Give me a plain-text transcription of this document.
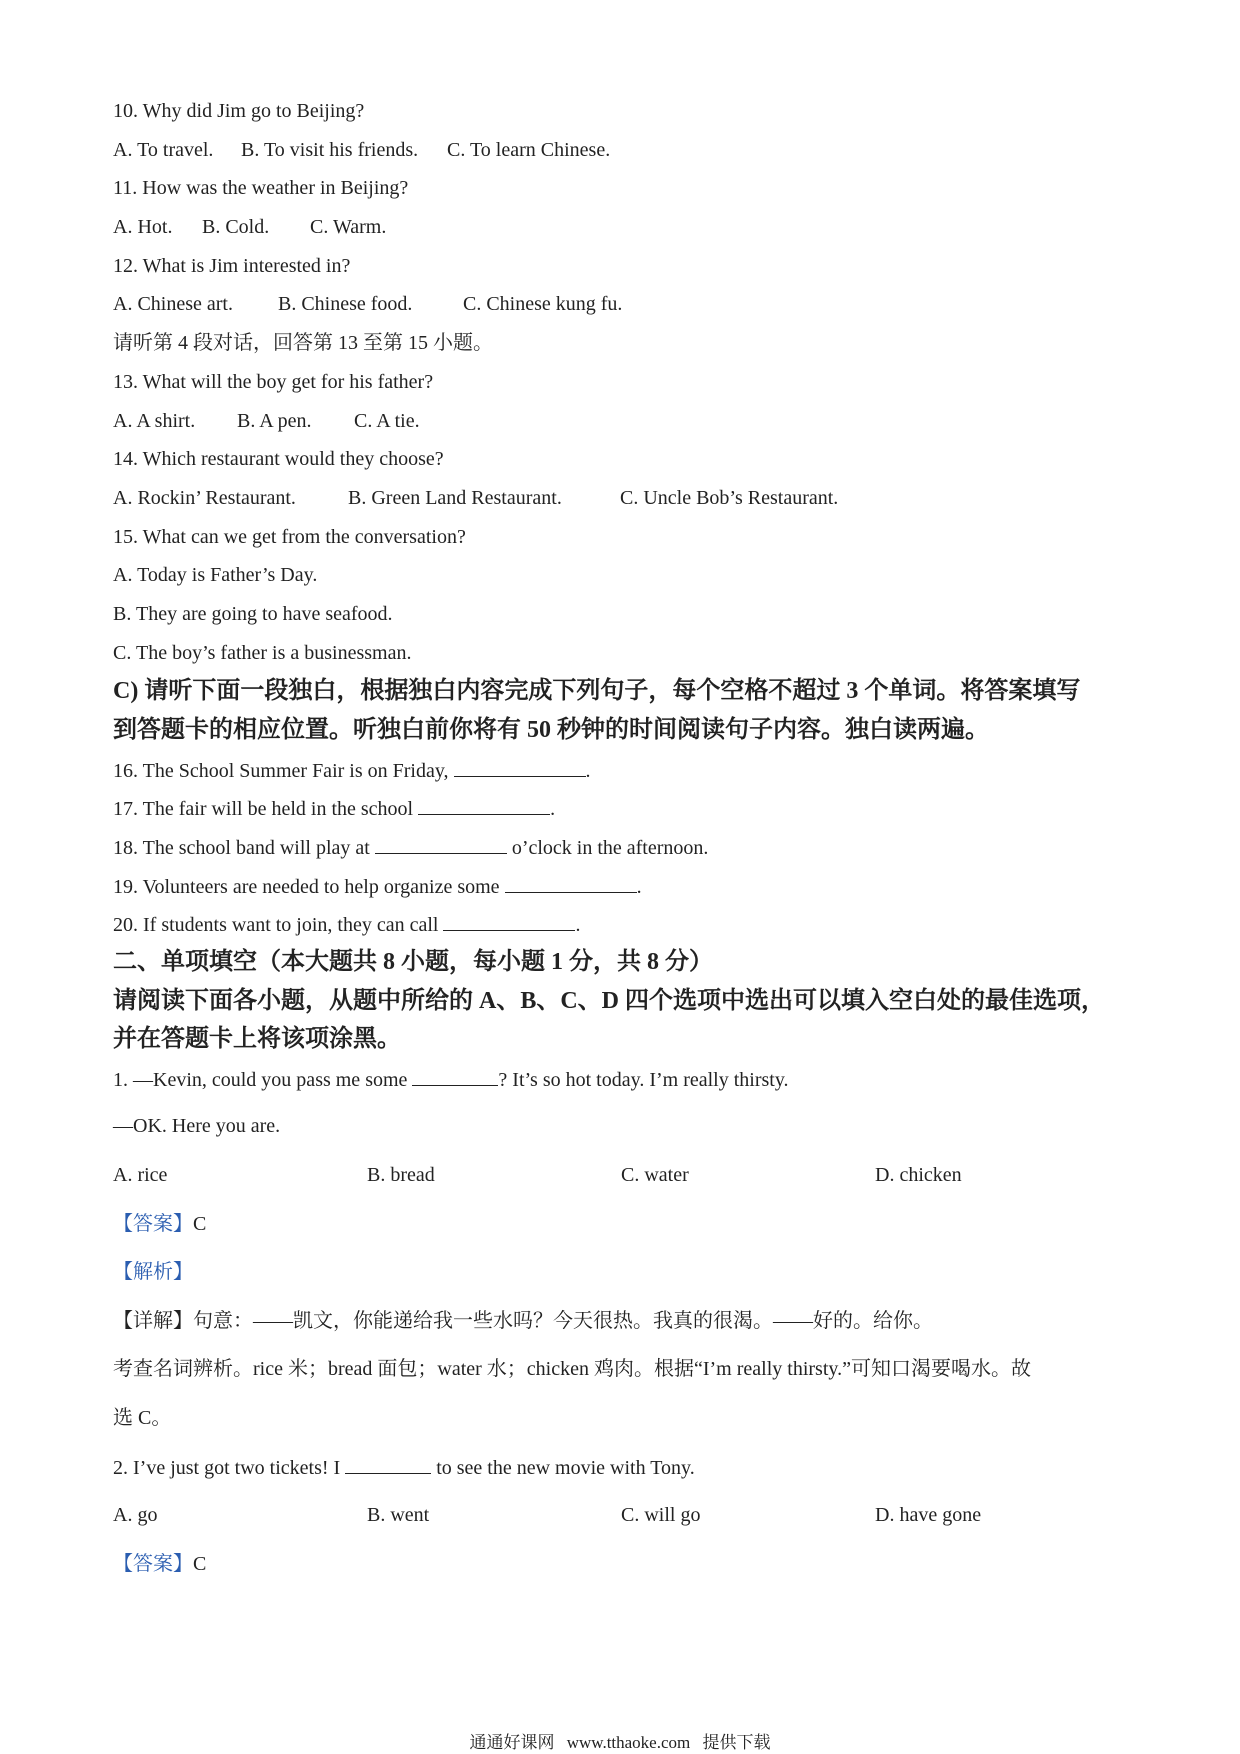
10. Why did Jim go to Beijing?
A. To travel. B. To visit his friends. C. To learn Chinese.
11. How was the weather in Beijing?
A. Hot. B. Cold. C. Warm.
12. What is Jim interested in?
A. Chinese art. B. Chinese food.	C. Chinese kung fu.
请听第 4 段对话，回答第 13 至第 15 小题。
13. What will the boy get for his father?
A. A shirt. B. A pen. C. A tie.
14. Which restaurant would they choose?
A. Rockin’ Restaurant.	B. Green Land Restaurant.	C. Uncle Bob’s Restaurant.
15. What can we get from the conversation?
A. Today is Father’s Day.
B. They are going to have seafood.
C. The boy’s father is a businessman.
C) 请听下面一段独白，根据独白内容完成下列句子，每个空格不超过 3 个单词。将答案填写
到答题卡的相应位置。听独白前你将有 50 秒钟的时间阅读句子内容。独白读两遍。
16. The School Summer Fair is on Friday,	.
17. The fair will be held in the school	.
18. The school band will play at	o’clock in the afternoon.
19. Volunteers are needed to help organize some	.
20. If students want to join, they can call	.
二、单项填空（本大题共 8 小题，每小题 1 分，共 8 分）
请阅读下面各小题，从题中所给的 A、B、C、D 四个选项中选出可以填入空白处的最佳选项，
并在答题卡上将该项涂黑。
1. —Kevin, could you pass me some	? It’s so hot today. I’m really thirsty.
—OK. Here you are.
A. rice	B. bread	C. water	D. chicken
【答案】C
【解析】
【详解】句意：——凯文，你能递给我一些水吗？今天很热。我真的很渴。——好的。给你。
考查名词辨析。rice 米；bread 面包；water 水；chicken 鸡肉。根据“I’m really thirsty.”可知口渴要喝水。故
选 C。
2. I’ve just got two tickets! I	to see the new movie with Tony.
A. go	B. went	C. will go	D. have gone
【答案】C
通通好课网 www.tthaoke.com 提供下载
